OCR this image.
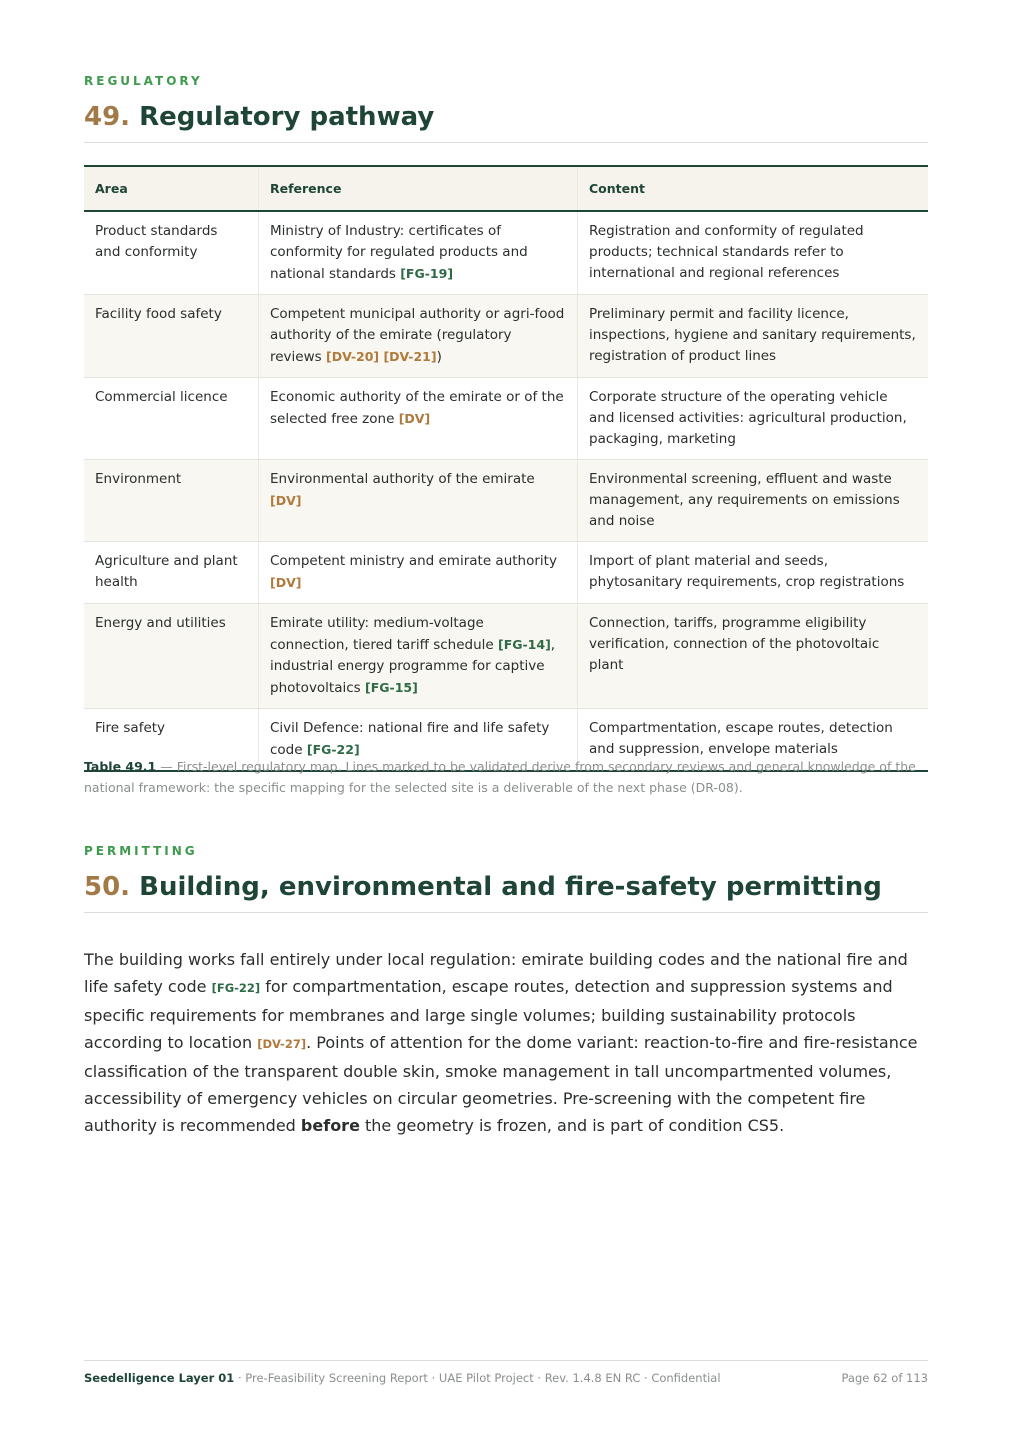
REGULATORY
49. Regulatory pathway
Area	Reference	Content
Product standards and conformity	Ministry of Industry: certificates of conformity for regulated products and national standards [FG-19]	Registration and conformity of regulated products; technical standards refer to international and regional references
Facility food safety	Competent municipal authority or agri-food authority of the emirate (regulatory reviews [DV-20] [DV-21])	Preliminary permit and facility licence, inspections, hygiene and sanitary requirements, registration of product lines
Commercial licence	Economic authority of the emirate or of the selected free zone [DV]	Corporate structure of the operating vehicle and licensed activities: agricultural production, packaging, marketing
Environment	Environmental authority of the emirate [DV]	Environmental screening, effluent and waste management, any requirements on emissions and noise
Agriculture and plant health	Competent ministry and emirate authority [DV]	Import of plant material and seeds, phytosanitary requirements, crop registrations
Energy and utilities	Emirate utility: medium-voltage connection, tiered tariff schedule [FG-14], industrial energy programme for captive photovoltaics [FG-15]	Connection, tariffs, programme eligibility verification, connection of the photovoltaic plant
Fire safety	Civil Defence: national fire and life safety code [FG-22]	Compartmentation, escape routes, detection and suppression, envelope materials
Table 49.1 — First-level regulatory map. Lines marked to be validated derive from secondary reviews and general knowledge of the national framework: the specific mapping for the selected site is a deliverable of the next phase (DR-08).
PERMITTING
50. Building, environmental and fire-safety permitting

The building works fall entirely under local regulation: emirate building codes and the national fire and life safety code [FG-22] for compartmentation, escape routes, detection and suppression systems and specific requirements for membranes and large single volumes; building sustainability protocols according to location [DV-27]. Points of attention for the dome variant: reaction-to-fire and fire-resistance classification of the transparent double skin, smoke management in tall uncompartmented volumes, accessibility of emergency vehicles on circular geometries. Pre-screening with the competent fire authority is recommended before the geometry is frozen, and is part of condition CS5.

Seedelligence Layer 01 · Pre-Feasibility Screening Report · UAE Pilot Project · Rev. 1.4.8 EN RC · Confidential	Page 62 of 113
